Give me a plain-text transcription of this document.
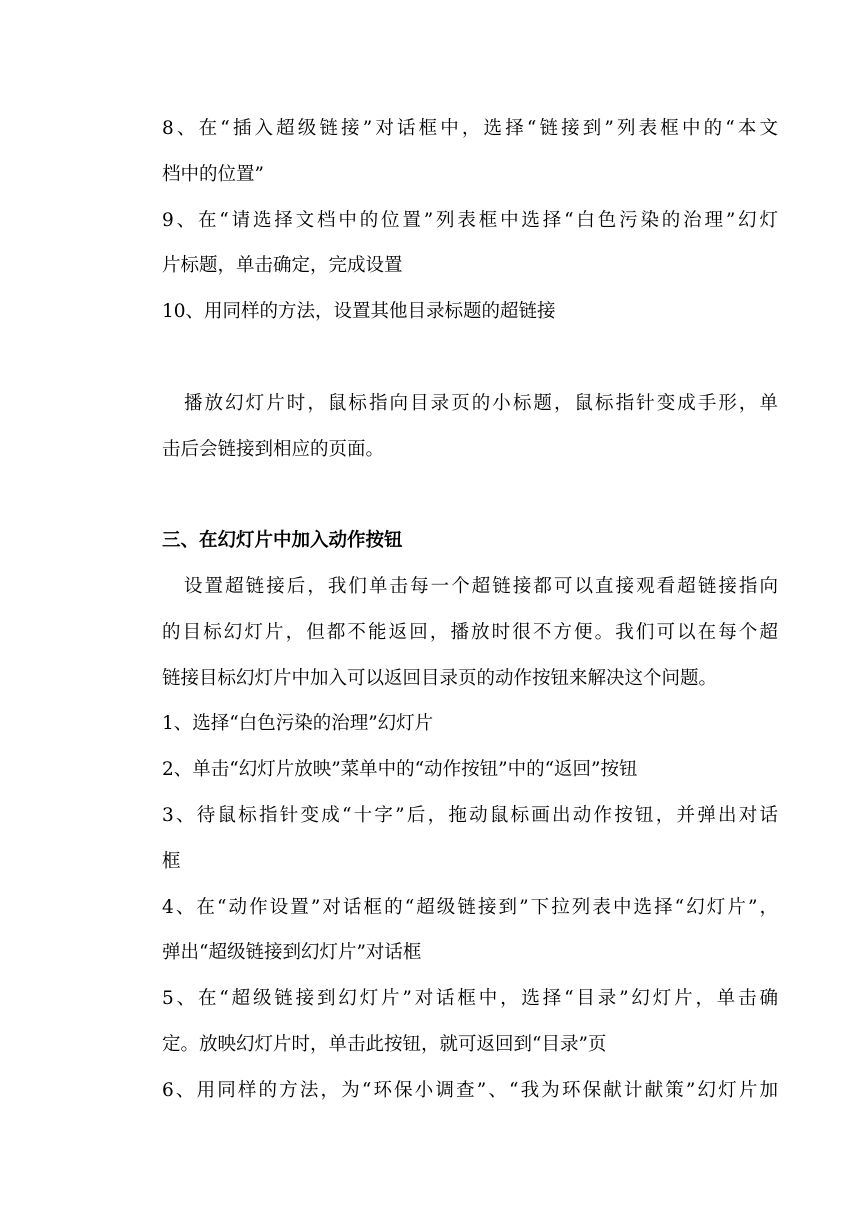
8、在“插入超级链接”对话框中，选择“链接到”列表框中的“本文
档中的位置”
9、在“请选择文档中的位置”列表框中选择“白色污染的治理”幻灯
片标题，单击确定，完成设置
10、用同样的方法，设置其他目录标题的超链接
播放幻灯片时，鼠标指向目录页的小标题，鼠标指针变成手形，单
击后会链接到相应的页面。
三、在幻灯片中加入动作按钮
设置超链接后，我们单击每一个超链接都可以直接观看超链接指向
的目标幻灯片，但都不能返回，播放时很不方便。我们可以在每个超
链接目标幻灯片中加入可以返回目录页的动作按钮来解决这个问题。
1、选择“白色污染的治理”幻灯片
2、单击“幻灯片放映”菜单中的“动作按钮”中的“返回”按钮
3、待鼠标指针变成“十字”后，拖动鼠标画出动作按钮，并弹出对话
框
4、在“动作设置”对话框的“超级链接到”下拉列表中选择“幻灯片”，
弹出“超级链接到幻灯片”对话框
5、在“超级链接到幻灯片”对话框中，选择“目录”幻灯片，单击确
定。放映幻灯片时，单击此按钮，就可返回到“目录”页
6、用同样的方法，为“环保小调查”、“我为环保献计献策”幻灯片加
